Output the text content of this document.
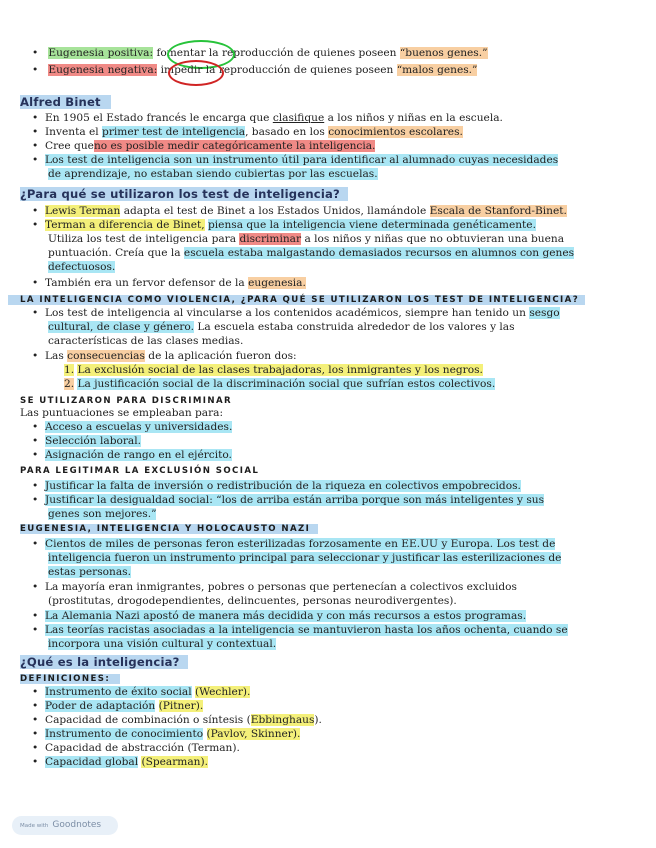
• Eugenesia positiva: fomentar la reproducción de quienes poseen “buenos genes.”
• Eugenesia negativa: impedir la reproducción de quienes poseen “malos genes.”
Alfred Binet
•  En 1905 el Estado francés le encarga que clasifique a los niños y niñas en la escuela.
•  Inventa el primer test de inteligencia, basado en los conocimientos escolares.
•  Cree queno es posible medir categóricamente la inteligencia.
•  Los test de inteligencia son un instrumento útil para identificar al alumnado cuyas necesidades
de aprendizaje, no estaban siendo cubiertas por las escuelas.
¿Para qué se utilizaron los test de inteligencia?
•  Lewis Terman adapta el test de Binet a los Estados Unidos, llamándole Escala de Stanford-Binet.
•  Terman a diferencia de Binet, piensa que la inteligencia viene determinada genéticamente.
Utiliza los test de inteligencia para discriminar a los niños y niñas que no obtuvieran una buena
puntuación. Creía que la escuela estaba malgastando demasiados recursos en alumnos con genes
defectuosos.
•  También era un fervor defensor de la eugenesia.
LA INTELIGENCIA COMO VIOLENCIA, ¿PARA QUÉ SE UTILIZARON LOS TEST DE INTELIGENCIA?
•  Los test de inteligencia al vincularse a los contenidos académicos, siempre han tenido un sesgo
cultural, de clase y género. La escuela estaba construida alrededor de los valores y las
características de las clases medias.
•  Las consecuencias de la aplicación fueron dos:
1. La exclusión social de las clases trabajadoras, los inmigrantes y los negros.
2. La justificación social de la discriminación social que sufrían estos colectivos.
SE UTILIZARON PARA DISCRIMINAR
Las puntuaciones se empleaban para:
•  Acceso a escuelas y universidades.
•  Selección laboral.
•  Asignación de rango en el ejército.
PARA LEGITIMAR LA EXCLUSIÓN SOCIAL
•  Justificar la falta de inversión o redistribución de la riqueza en colectivos empobrecidos.
•  Justificar la desigualdad social: “los de arriba están arriba porque son más inteligentes y sus
genes son mejores.”
EUGENESIA, INTELIGENCIA Y HOLOCAUSTO NAZI
•  Cientos de miles de personas feron esterilizadas forzosamente en EE.UU y Europa. Los test de
inteligencia fueron un instrumento principal para seleccionar y justificar las esterilizaciones de
estas personas.
•  La mayoría eran inmigrantes, pobres o personas que pertenecían a colectivos excluidos
(prostitutas, drogodependientes, delincuentes, personas neurodivergentes).
•  La Alemania Nazi apostó de manera más decidida y con más recursos a estos programas.
•  Las teorías racistas asociadas a la inteligencia se mantuvieron hasta los años ochenta, cuando se
incorpora una visión cultural y contextual.
¿Qué es la inteligencia?
DEFINICIONES:
•  Instrumento de éxito social (Wechler).
•  Poder de adaptación (Pitner).
•  Capacidad de combinación o síntesis (Ebbinghaus).
•  Instrumento de conocimiento (Pavlov, Skinner).
•  Capacidad de abstracción (Terman).
•  Capacidad global (Spearman).
Made with Goodnotes
